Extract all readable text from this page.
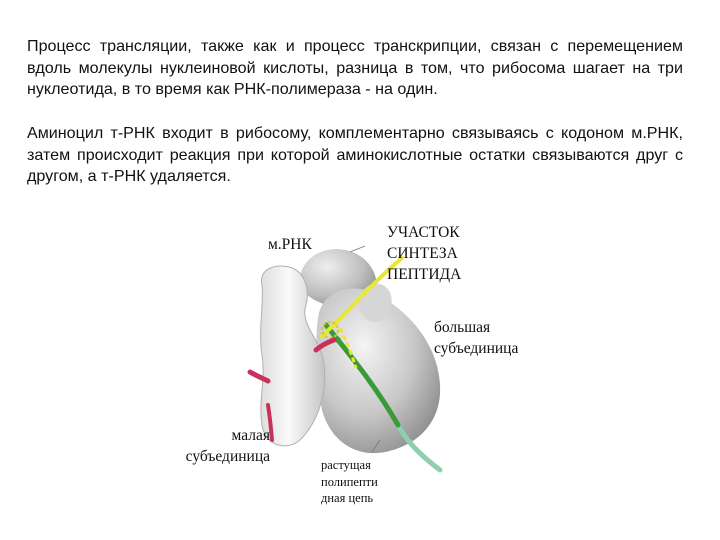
Процесс трансляции, также как и процесс транскрипции, связан с перемещением вдоль молекулы нуклеиновой кислоты, разница в том, что рибосома шагает на три нуклеотида, в то время как РНК-полимераза - на один.

Аминоцил т-РНК входит в рибосому, комплементарно связываясь с кодоном м.РНК, затем происходит реакция при которой аминокислотные остатки связываются друг с другом, а т-РНК удаляется.

м.РНК
УЧАСТОК
СИНТЕЗА
ПЕПТИДА
большая
субъединица
малая
субъединица	растущая
полипепти
дная цепь
